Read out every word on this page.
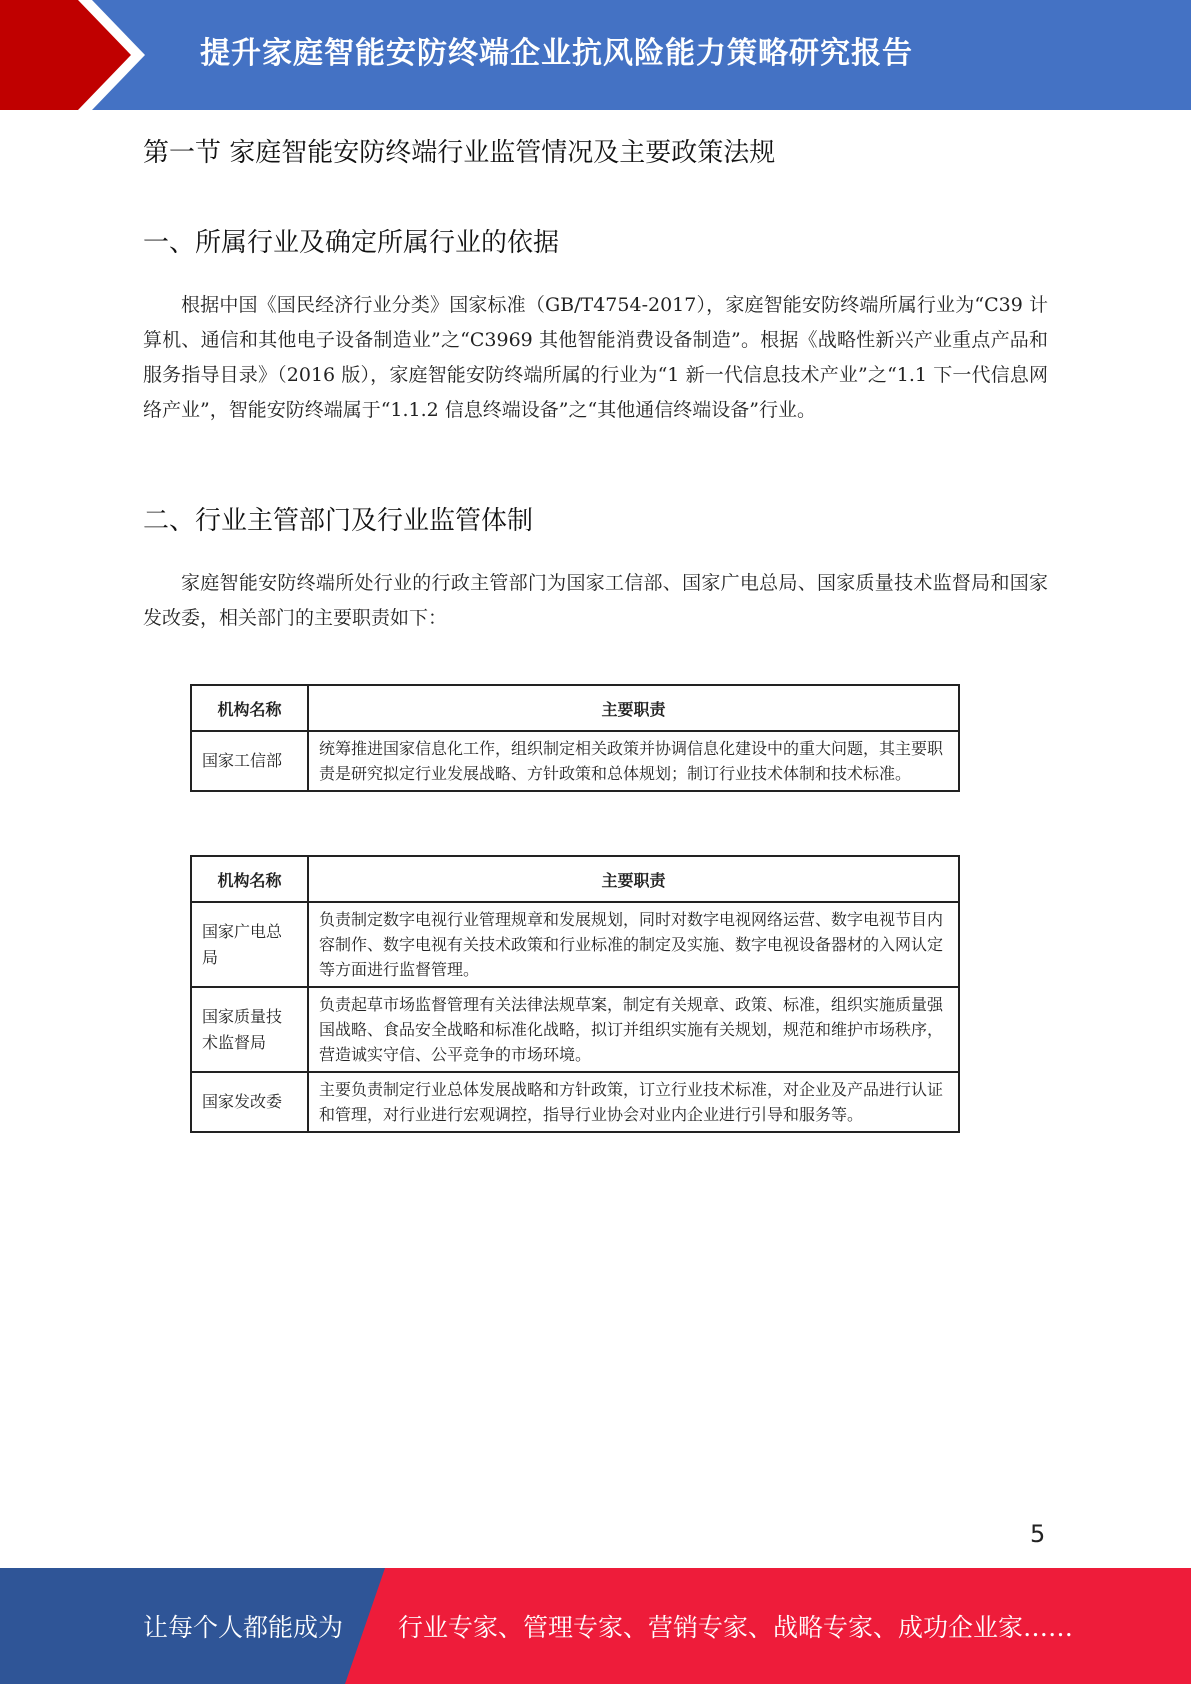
提升家庭智能安防终端企业抗风险能力策略研究报告
第一节 家庭智能安防终端行业监管情况及主要政策法规
一、所属行业及确定所属行业的依据

根据中国《国民经济行业分类》国家标准（GB/T4754-2017），家庭智能安防终端所属行业为“C39 计算机、通信和其他电子设备制造业”之“C3969 其他智能消费设备制造”。根据《战略性新兴产业重点产品和服务指导目录》（2016 版），家庭智能安防终端所属的行业为“1 新一代信息技术产业”之“1.1 下一代信息网络产业”，智能安防终端属于“1.1.2 信息终端设备”之“其他通信终端设备”行业。

二、行业主管部门及行业监管体制

家庭智能安防终端所处行业的行政主管部门为国家工信部、国家广电总局、国家质量技术监督局和国家发改委，相关部门的主要职责如下：

机构名称	主要职责
国家工信部	统筹推进国家信息化工作，组织制定相关政策并协调信息化建设中的重大问题，其主要职责是研究拟定行业发展战略、方针政策和总体规划；制订行业技术体制和技术标准。
机构名称	主要职责
国家广电总局	负责制定数字电视行业管理规章和发展规划，同时对数字电视网络运营、数字电视节目内容制作、数字电视有关技术政策和行业标准的制定及实施、数字电视设备器材的入网认定等方面进行监督管理。
国家质量技术监督局	负责起草市场监督管理有关法律法规草案，制定有关规章、政策、标准，组织实施质量强国战略、食品安全战略和标准化战略，拟订并组织实施有关规划，规范和维护市场秩序，营造诚实守信、公平竞争的市场环境。
国家发改委	主要负责制定行业总体发展战略和方针政策，订立行业技术标准，对企业及产品进行认证和管理，对行业进行宏观调控，指导行业协会对业内企业进行引导和服务等。
5
让每个人都能成为 行业专家、管理专家、营销专家、战略专家、成功企业家……
